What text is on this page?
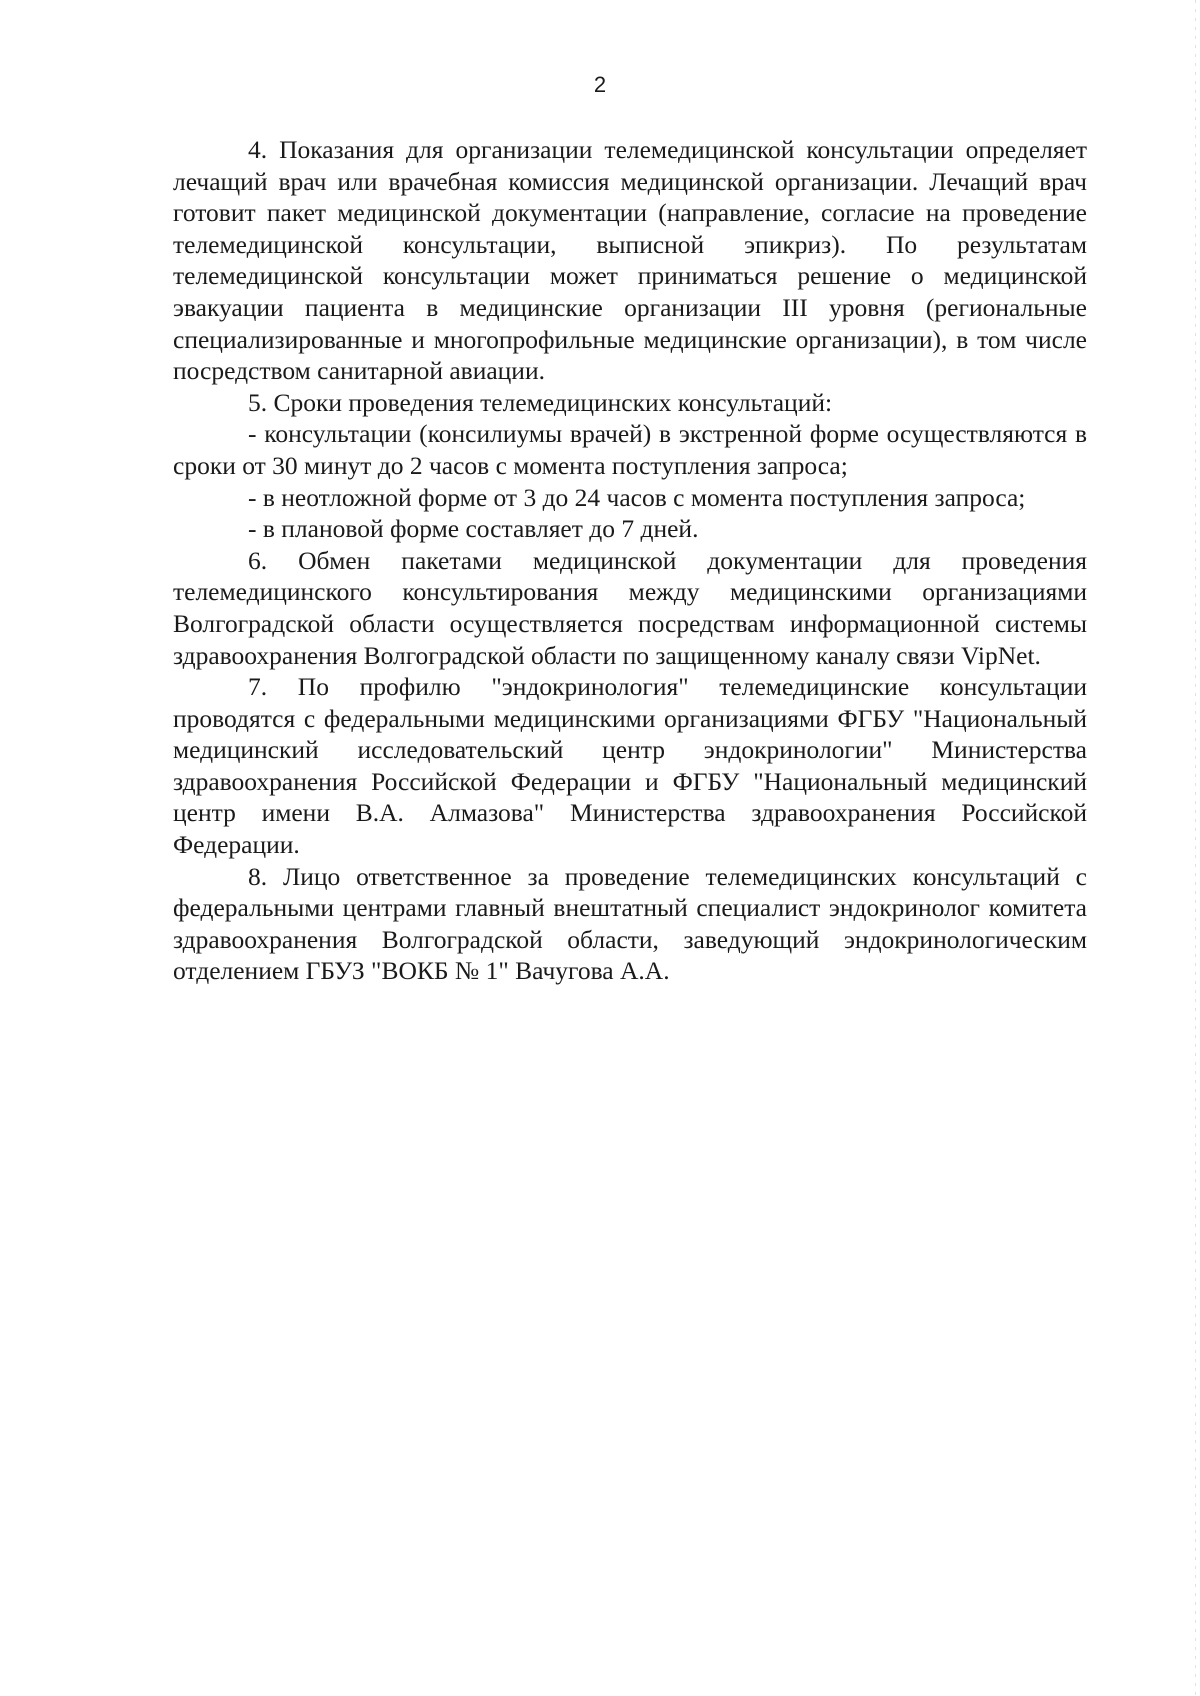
2

4. Показания для организации телемедицинской консультации определяет лечащий врач или врачебная комиссия медицинской организации. Лечащий врач готовит пакет медицинской документации (направление, согласие на проведение телемедицинской консультации, выписной эпикриз). По результатам телемедицинской консультации может приниматься решение о медицинской эвакуации пациента в медицинские организации III уровня (региональные специализированные и многопрофильные медицинские организации), в том числе посредством санитарной авиации.

5. Сроки проведения телемедицинских консультаций:

- консультации (консилиумы врачей) в экстренной форме осуществляются в сроки от 30 минут до 2 часов с момента поступления запроса;

- в неотложной форме от 3 до 24 часов с момента поступления запроса;

- в плановой форме составляет до 7 дней.

6. Обмен пакетами медицинской документации для проведения телемедицинского консультирования между медицинскими организациями Волгоградской области осуществляется посредствам информационной системы здравоохранения Волгоградской области по защищенному каналу связи VipNet.

7. По профилю "эндокринология" телемедицинские консультации проводятся с федеральными медицинскими организациями ФГБУ "Национальный медицинский исследовательский центр эндокринологии" Министерства здравоохранения Российской Федерации и ФГБУ "Национальный медицинский центр имени В.А. Алмазова" Министерства здравоохранения Российской Федерации.

8. Лицо ответственное за проведение телемедицинских консультаций с федеральными центрами главный внештатный специалист эндокринолог комитета здравоохранения Волгоградской области, заведующий эндокринологическим отделением ГБУЗ "ВОКБ № 1" Вачугова А.А.
